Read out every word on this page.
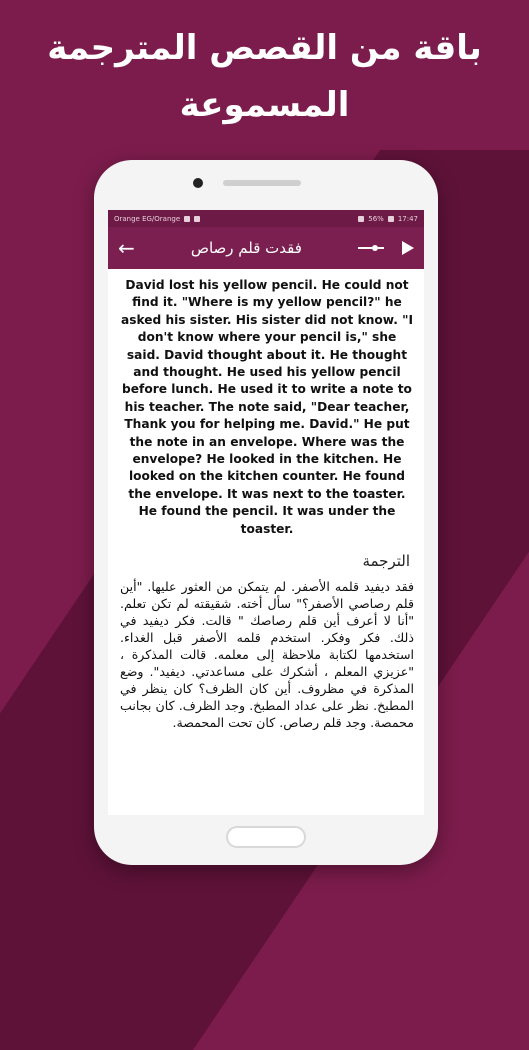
باقة من القصص المترجمة
المسموعة
Orange EG/Orange	56% 17:47
←	فقدت قلم رصاص

David lost his yellow pencil. He could not find it. "Where is my yellow pencil?" he asked his sister. His sister did not know. "I don't know where your pencil is," she said. David thought about it. He thought and thought. He used his yellow pencil before lunch. He used it to write a note to his teacher. The note said, "Dear teacher, Thank you for helping me. David." He put the note in an envelope. Where was the envelope? He looked in the kitchen. He looked on the kitchen counter. He found the envelope. It was next to the toaster. He found the pencil. It was under the toaster.

الترجمة

فقد ديفيد قلمه الأصفر. لم يتمكن من العثور عليها. "أين قلم رصاصي الأصفر؟" سأل أخته. شقيقته لم تكن تعلم. "أنا لا أعرف أين قلم رصاصك " قالت. فكر ديفيد في ذلك. فكر وفكر. استخدم قلمه الأصفر قبل الغداء. استخدمها لكتابة ملاحظة إلى معلمه. قالت المذكرة ، "عزيزي المعلم ، أشكرك على مساعدتي. ديفيد". وضع المذكرة في مظروف. أين كان الظرف؟ كان ينظر في المطبخ. نظر على عداد المطبخ. وجد الظرف. كان بجانب محمصة. وجد قلم رصاص. كان تحت المحمصة.
